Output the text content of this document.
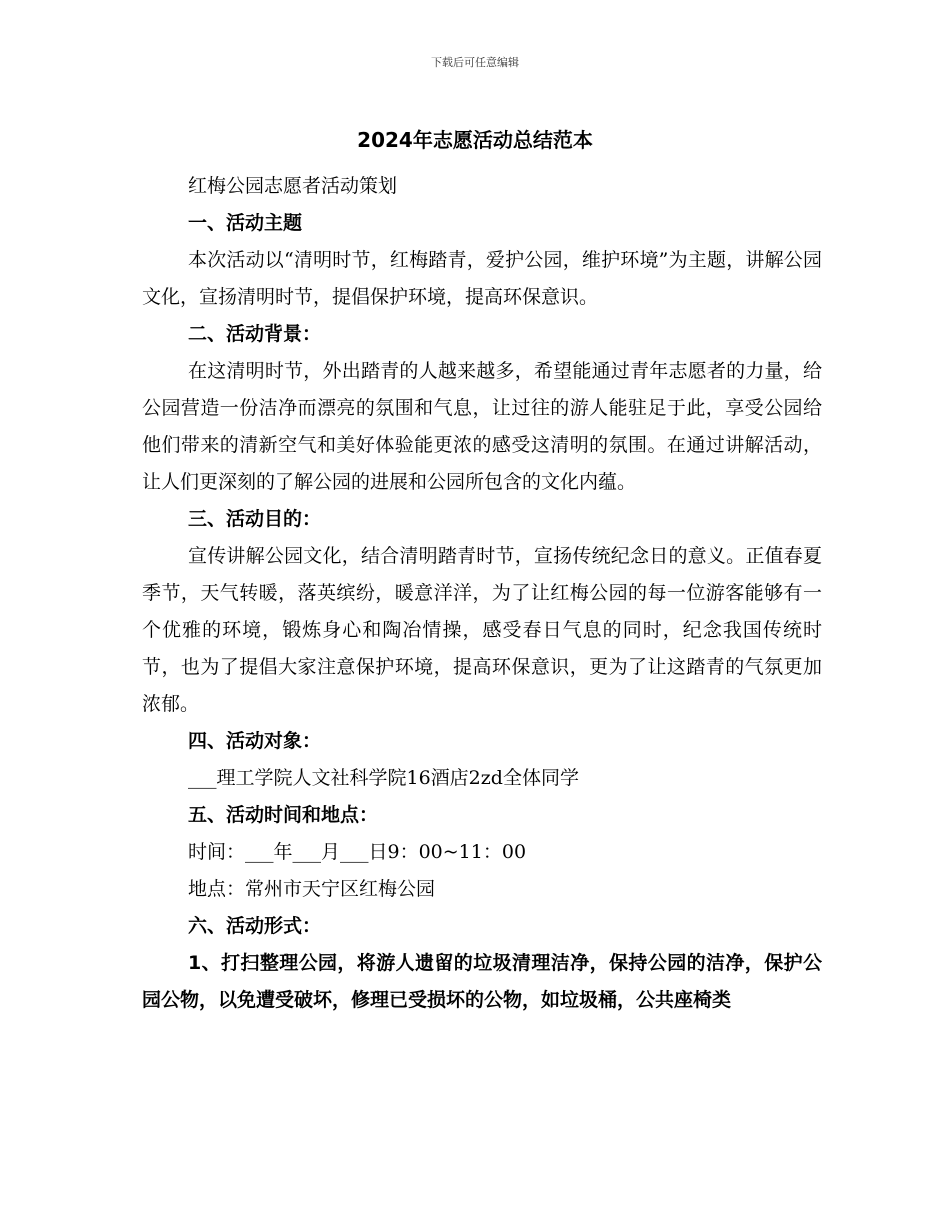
下载后可任意编辑
2024年志愿活动总结范本

红梅公园志愿者活动策划

一、活动主题

本次活动以“清明时节，红梅踏青，爱护公园，维护环境”为主题，讲解公园文化，宣扬清明时节，提倡保护环境，提高环保意识。

二、活动背景：

在这清明时节，外出踏青的人越来越多，希望能通过青年志愿者的力量，给公园营造一份洁净而漂亮的氛围和气息，让过往的游人能驻足于此，享受公园给他们带来的清新空气和美好体验能更浓的感受这清明的氛围。在通过讲解活动，让人们更深刻的了解公园的进展和公园所包含的文化内蕴。

三、活动目的：

宣传讲解公园文化，结合清明踏青时节，宣扬传统纪念日的意义。正值春夏季节，天气转暖，落英缤纷，暖意洋洋，为了让红梅公园的每一位游客能够有一个优雅的环境，锻炼身心和陶冶情操，感受春日气息的同时，纪念我国传统时节，也为了提倡大家注意保护环境，提高环保意识，更为了让这踏青的气氛更加浓郁。

四、活动对象：

___理工学院人文社科学院16酒店2zd全体同学

五、活动时间和地点：

时间：___年___月___日9：00~11：00

地点：常州市天宁区红梅公园

六、活动形式：

1、打扫整理公园，将游人遗留的垃圾清理洁净，保持公园的洁净，保护公园公物，以免遭受破坏，修理已受损坏的公物，如垃圾桶，公共座椅类
